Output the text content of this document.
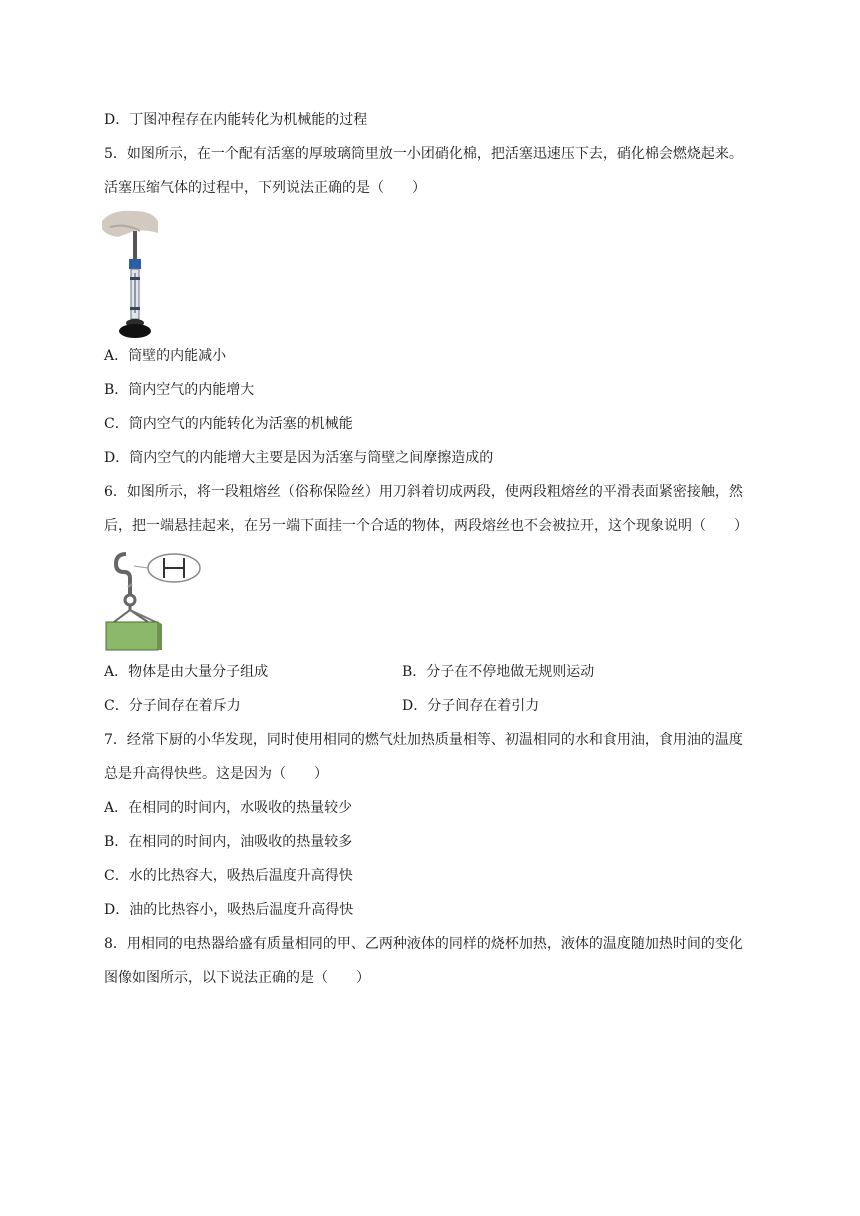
D．丁图冲程存在内能转化为机械能的过程
5．如图所示，在一个配有活塞的厚玻璃筒里放一小团硝化棉，把活塞迅速压下去，硝化棉会燃烧起来。
活塞压缩气体的过程中，下列说法正确的是（　　）
A．筒壁的内能减小
B．筒内空气的内能增大
C．筒内空气的内能转化为活塞的机械能
D．筒内空气的内能增大主要是因为活塞与筒壁之间摩擦造成的
6．如图所示，将一段粗熔丝（俗称保险丝）用刀斜着切成两段，使两段粗熔丝的平滑表面紧密接触，然
后，把一端悬挂起来，在另一端下面挂一个合适的物体，两段熔丝也不会被拉开，这个现象说明（　　）
A．物体是由大量分子组成	B．分子在不停地做无规则运动
C．分子间存在着斥力	D．分子间存在着引力
7．经常下厨的小华发现，同时使用相同的燃气灶加热质量相等、初温相同的水和食用油，食用油的温度
总是升高得快些。这是因为（　　）
A．在相同的时间内，水吸收的热量较少
B．在相同的时间内，油吸收的热量较多
C．水的比热容大，吸热后温度升高得快
D．油的比热容小，吸热后温度升高得快
8．用相同的电热器给盛有质量相同的甲、乙两种液体的同样的烧杯加热，液体的温度随加热时间的变化
图像如图所示，以下说法正确的是（　　）
